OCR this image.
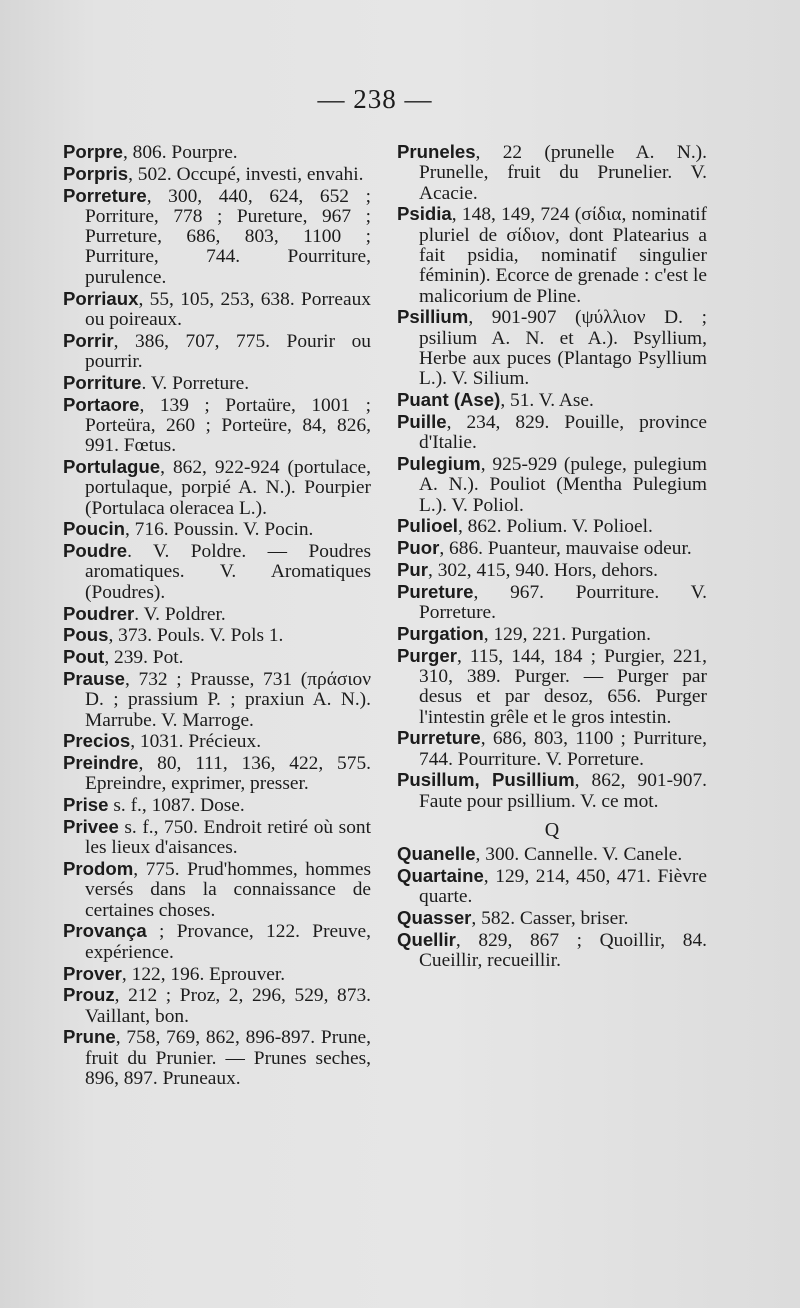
— 238 —
Porpre, 806. Pourpre.
Porpris, 502. Occupé, investi, envahi.
Porreture, 300, 440, 624, 652 ; Porriture, 778 ; Pureture, 967 ; Purreture, 686, 803, 1100 ; Purriture, 744. Pourriture, purulence.
Porriaux, 55, 105, 253, 638. Porreaux ou poireaux.
Porrir, 386, 707, 775. Pourir ou pourrir.
Porriture. V. Porreture.
Portaore, 139 ; Portaüre, 1001 ; Porteüra, 260 ; Porteüre, 84, 826, 991. Fœtus.
Portulague, 862, 922-924 (portulace, portulaque, porpié A. N.). Pourpier (Portulaca oleracea L.).
Poucin, 716. Poussin. V. Pocin.
Poudre. V. Poldre. — Poudres aromatiques. V. Aromatiques (Poudres).
Poudrer. V. Poldrer.
Pous, 373. Pouls. V. Pols 1.
Pout, 239. Pot.
Prause, 732 ; Prausse, 731 (πράσιον D. ; prassium P. ; praxiun A. N.). Marrube. V. Marroge.
Precios, 1031. Précieux.
Preindre, 80, 111, 136, 422, 575. Epreindre, exprimer, presser.
Prise s. f., 1087. Dose.
Privee s. f., 750. Endroit retiré où sont les lieux d'aisances.
Prodom, 775. Prud'hommes, hommes versés dans la connaissance de certaines choses.
Provança ; Provance, 122. Preuve, expérience.
Prover, 122, 196. Eprouver.
Prouz, 212 ; Proz, 2, 296, 529, 873. Vaillant, bon.
Prune, 758, 769, 862, 896-897. Prune, fruit du Prunier. — Prunes seches, 896, 897. Pruneaux.
Pruneles, 22 (prunelle A. N.). Prunelle, fruit du Prunelier. V. Acacie.
Psidia, 148, 149, 724 (σίδια, nominatif pluriel de σίδιον, dont Platearius a fait psidia, nominatif singulier féminin). Ecorce de grenade : c'est le malicorium de Pline.
Psillium, 901-907 (ψύλλιον D. ; psilium A. N. et A.). Psyllium, Herbe aux puces (Plantago Psyllium L.). V. Silium.
Puant (Ase), 51. V. Ase.
Puille, 234, 829. Pouille, province d'Italie.
Pulegium, 925-929 (pulege, pulegium A. N.). Pouliot (Mentha Pulegium L.). V. Poliol.
Pulioel, 862. Polium. V. Polioel.
Puor, 686. Puanteur, mauvaise odeur.
Pur, 302, 415, 940. Hors, dehors.
Pureture, 967. Pourriture. V. Porreture.
Purgation, 129, 221. Purgation.
Purger, 115, 144, 184 ; Purgier, 221, 310, 389. Purger. — Purger par desus et par desoz, 656. Purger l'intestin grêle et le gros intestin.
Purreture, 686, 803, 1100 ; Purriture, 744. Pourriture. V. Porreture.
Pusillum, Pusillium, 862, 901-907. Faute pour psillium. V. ce mot.
Q
Quanelle, 300. Cannelle. V. Canele.
Quartaine, 129, 214, 450, 471. Fièvre quarte.
Quasser, 582. Casser, briser.
Quellir, 829, 867 ; Quoillir, 84. Cueillir, recueillir.
